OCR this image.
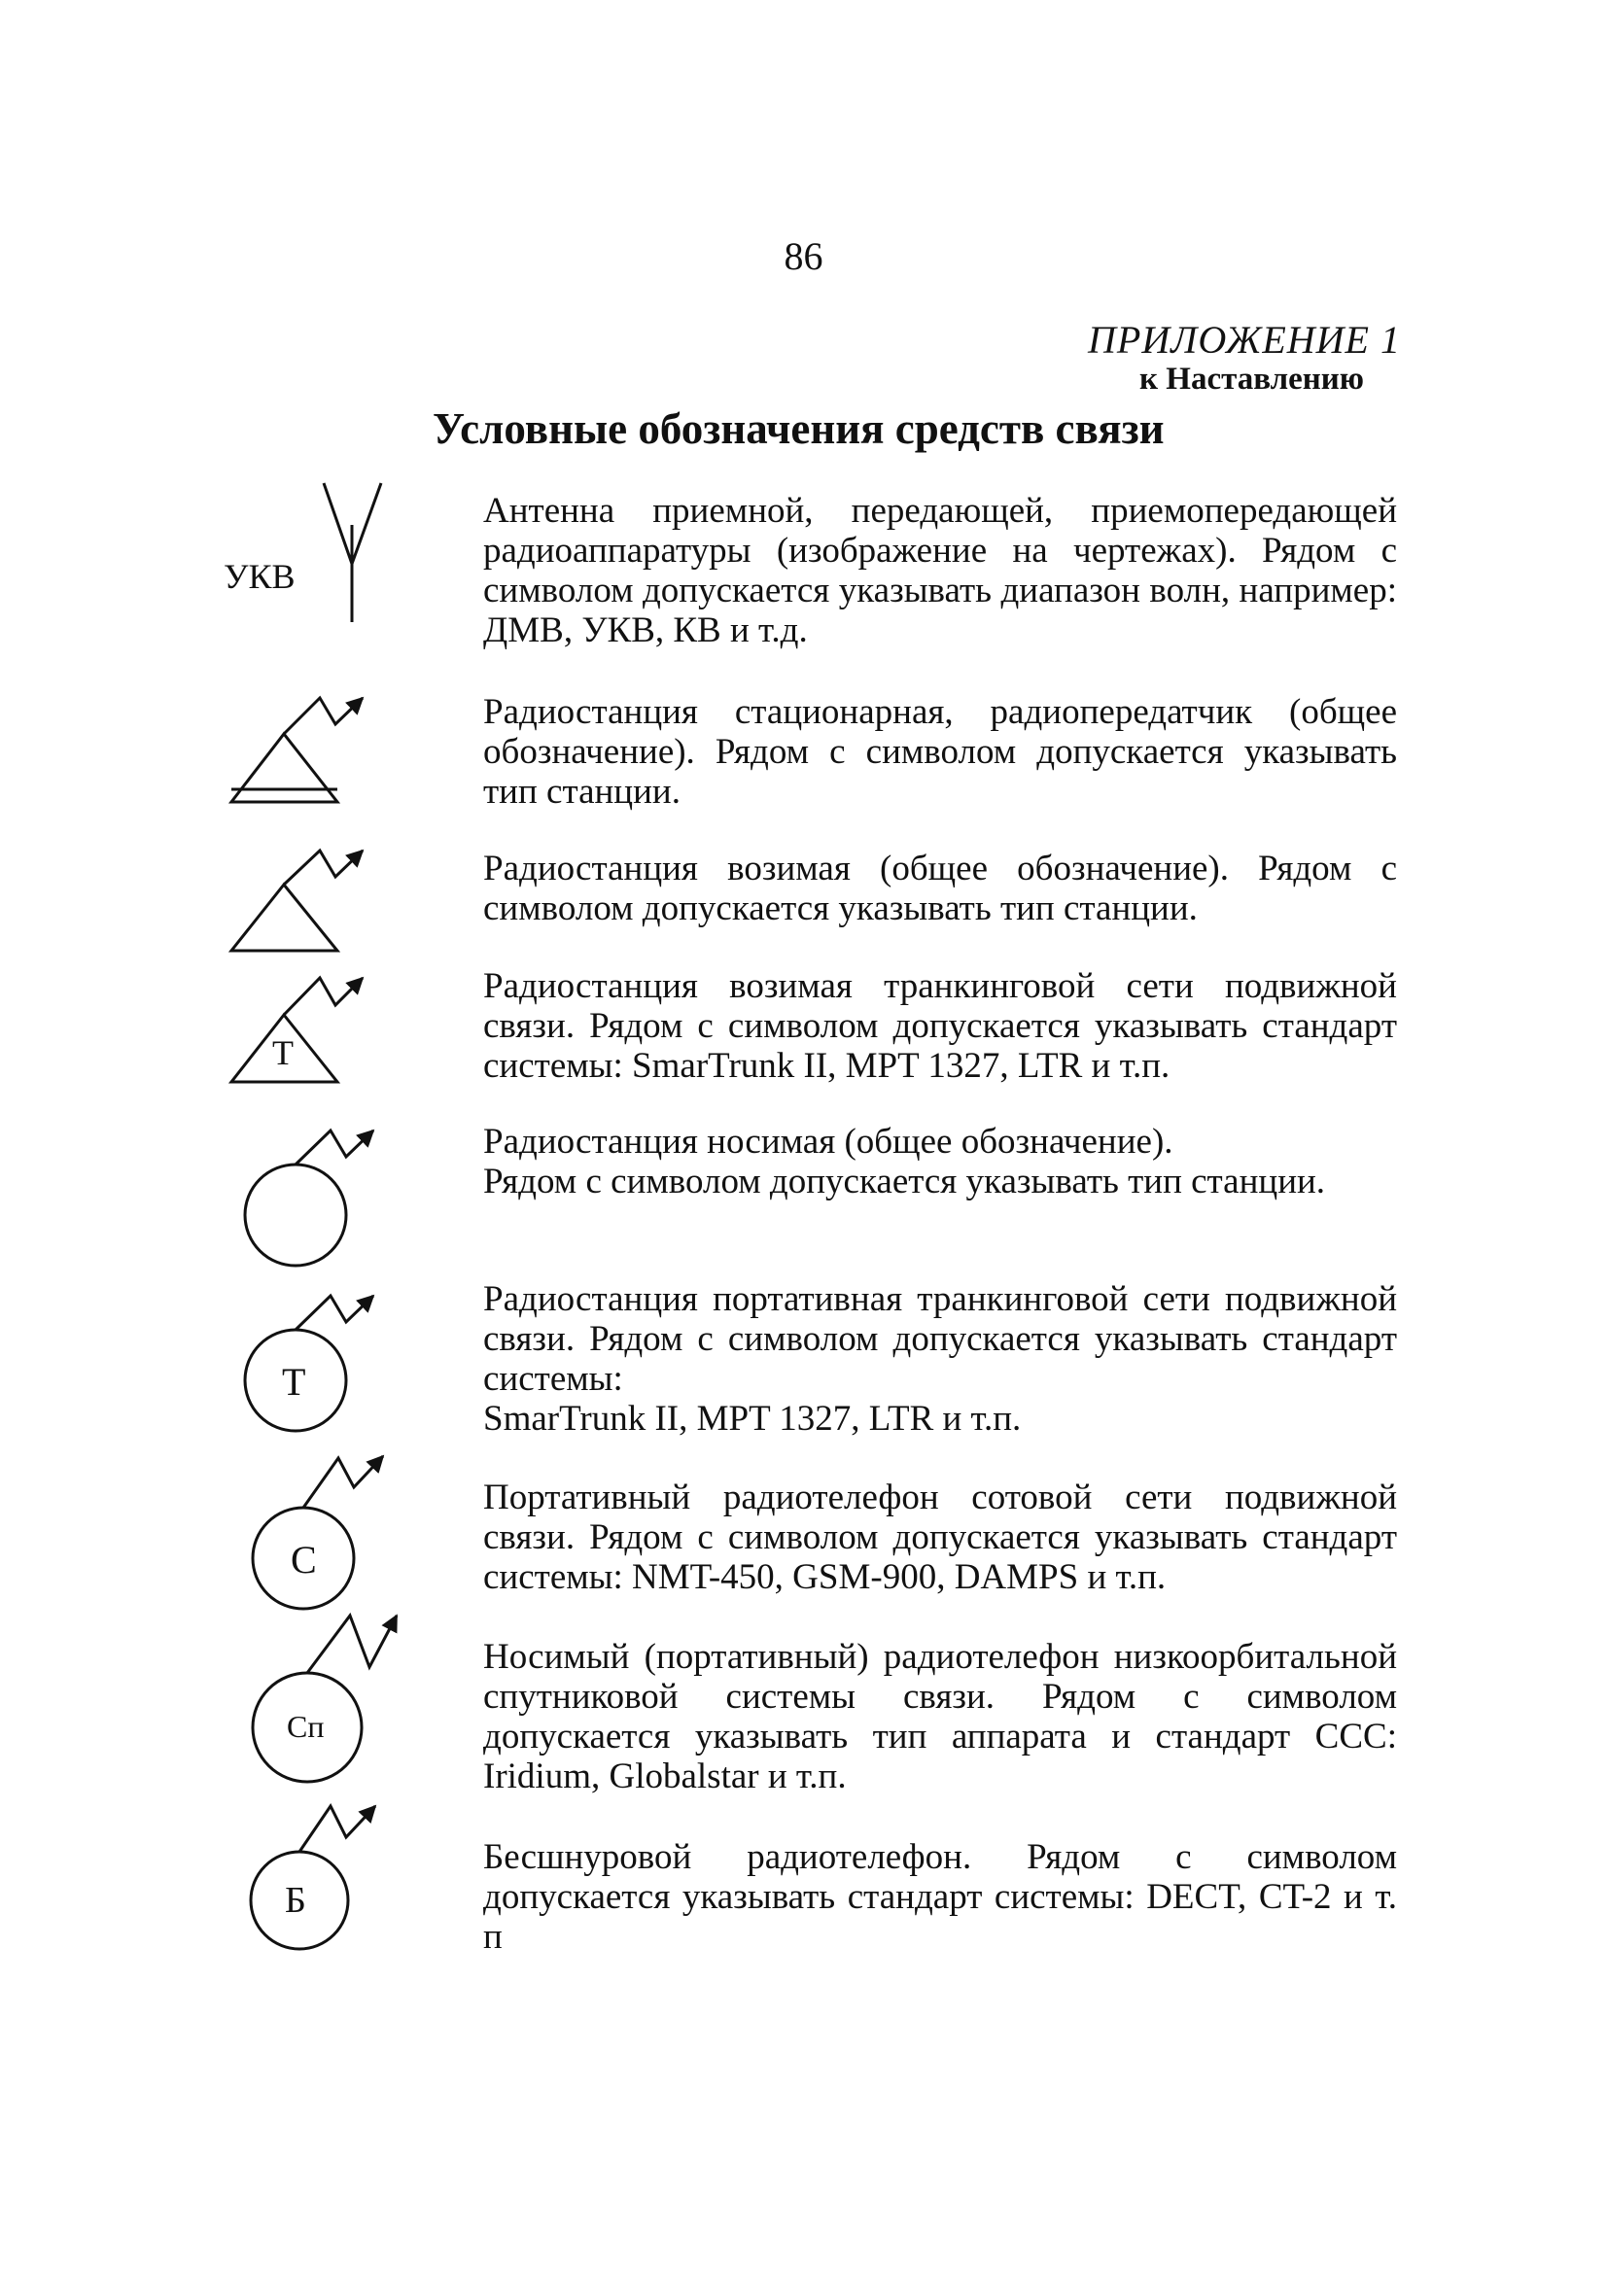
86
ПРИЛОЖЕНИЕ 1
к Наставлению
Условные обозначения средств связи
УКВ
Т
Т
С
Сп
Б
Антенна приемной, передающей, приемопередающей радиоаппаратуры (изображение на чертежах). Рядом с символом допускается указывать диапазон волн, например: ДМВ, УКВ, КВ и т.д.
Радиостанция стационарная, радиопередатчик (общее обозначение). Рядом с символом допускается указывать тип станции.
Радиостанция возимая (общее обозначение). Рядом с символом допускается указывать тип станции.
Радиостанция возимая транкинговой сети подвижной связи. Рядом с символом допускается указывать стандарт системы: SmarTrunk II, MPT 1327, LTR и т.п.
Радиостанция носимая (общее обозначение).
Рядом с символом допускается указывать тип станции.
Радиостанция портативная транкинговой сети подвижной связи. Рядом с символом допускается указывать стандарт системы:
SmarTrunk II, MPT 1327, LTR и т.п.
Портативный радиотелефон сотовой сети подвижной связи. Рядом с символом допускается указывать стандарт системы: NMT-450, GSM-900, DAMPS и т.п.
Носимый (портативный) радиотелефон низкоорбитальной спутниковой системы связи. Рядом с символом допускается указывать тип аппарата и стандарт ССС: Iridium, Globalstar и т.п.
Бесшнуровой радиотелефон. Рядом с символом допускается указывать стандарт системы: DECT, CT-2 и т. п
